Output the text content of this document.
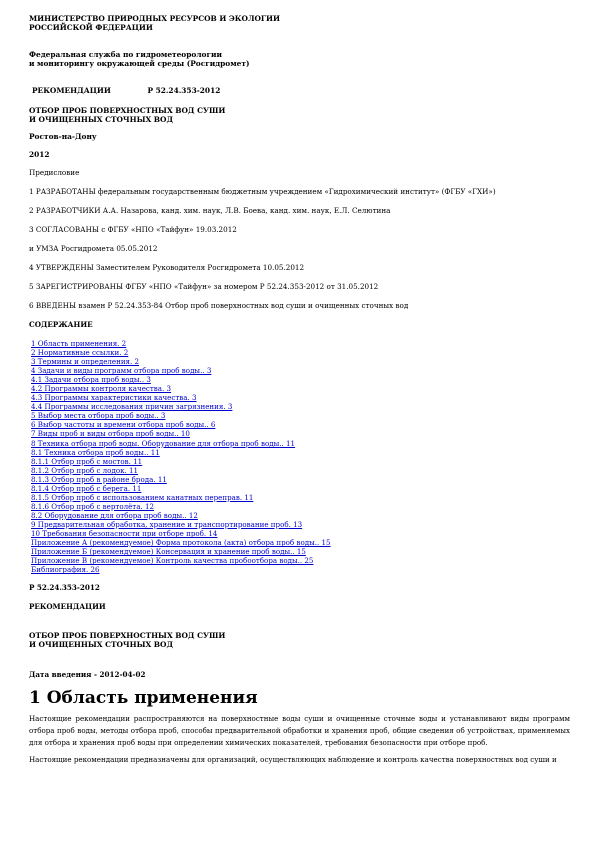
МИНИСТЕРСТВО ПРИРОДНЫХ РЕСУРСОВ И ЭКОЛОГИИ

РОССИЙСКОЙ ФЕДЕРАЦИИ

Федеральная служба по гидрометеорологии

и мониторингу окружающей среды (Росгидромет)

РЕКОМЕНДАЦИИ	Р 52.24.353-2012

ОТБОР ПРОБ ПОВЕРХНОСТНЫХ ВОД СУШИ

И ОЧИЩЕННЫХ СТОЧНЫХ ВОД

Ростов-на-Дону

2012

Предисловие

1 РАЗРАБОТАНЫ федеральным государственным бюджетным учреждением «Гидрохимический институт» (ФГБУ «ГХИ»)

2 РАЗРАБОТЧИКИ А.А. Назарова, канд. хим. наук, Л.В. Боева, канд. хим. наук, Е.Л. Селютина

3 СОГЛАСОВАНЫ с ФГБУ «НПО «Тайфун» 19.03.2012

и УМЗА Росгидромета 05.05.2012

4 УТВЕРЖДЕНЫ Заместителем Руководителя Росгидромета 10.05.2012

5 ЗАРЕГИСТРИРОВАНЫ ФГБУ «НПО «Тайфун» за номером Р 52.24.353-2012 от 31.05.2012

6 ВВЕДЕНЫ взамен Р 52.24.353-84 Отбор проб поверхностных вод суши и очищенных сточных вод

СОДЕРЖАНИЕ

1 Область применения. 2
2 Нормативные ссылки. 2
3 Термины и определения. 2
4 Задачи и виды программ отбора проб воды.. 3
4.1 Задачи отбора проб воды.. 3
4.2 Программы контроля качества. 3
4.3 Программы характеристики качества. 3
4.4 Программы исследования причин загрязнения. 3
5 Выбор места отбора проб воды.. 3
6 Выбор частоты и времени отбора проб воды.. 6
7 Виды проб и виды отбора проб воды.. 10
8 Техника отбора проб воды. Оборудование для отбора проб воды.. 11
8.1 Техника отбора проб воды.. 11
8.1.1 Отбор проб с мостов. 11
8.1.2 Отбор проб с лодок. 11
8.1.3 Отбор проб в районе брода. 11
8.1.4 Отбор проб с берега. 11
8.1.5 Отбор проб с использованием канатных переправ. 11
8.1.6 Отбор проб с вертолёта. 12
8.2 Оборудование для отбора проб воды.. 12
9 Предварительная обработка, хранение и транспортирование проб. 13
10 Требования безопасности при отборе проб. 14
Приложение А (рекомендуемое) Форма протокола (акта) отбора проб воды.. 15
Приложение Б (рекомендуемое) Консервация и хранение проб воды.. 15
Приложение В (рекомендуемое) Контроль качества пробоотбора воды.. 25
Библиография. 26

Р 52.24.353-2012

РЕКОМЕНДАЦИИ

ОТБОР ПРОБ ПОВЕРХНОСТНЫХ ВОД СУШИ

И ОЧИЩЕННЫХ СТОЧНЫХ ВОД

Дата введения - 2012-04-02

1 Область применения

Настоящие рекомендации распространяются на поверхностные воды суши и очищенные сточные воды и устанавливают виды программ отбора проб воды, методы отбора проб, способы предварительной обработки и хранения проб, общие сведения об устройствах, применяемых для отбора и хранения проб воды при определении химических показателей, требования безопасности при отборе проб.

Настоящие рекомендации предназначены для организаций, осуществляющих наблюдение и контроль качества поверхностных вод суши и
